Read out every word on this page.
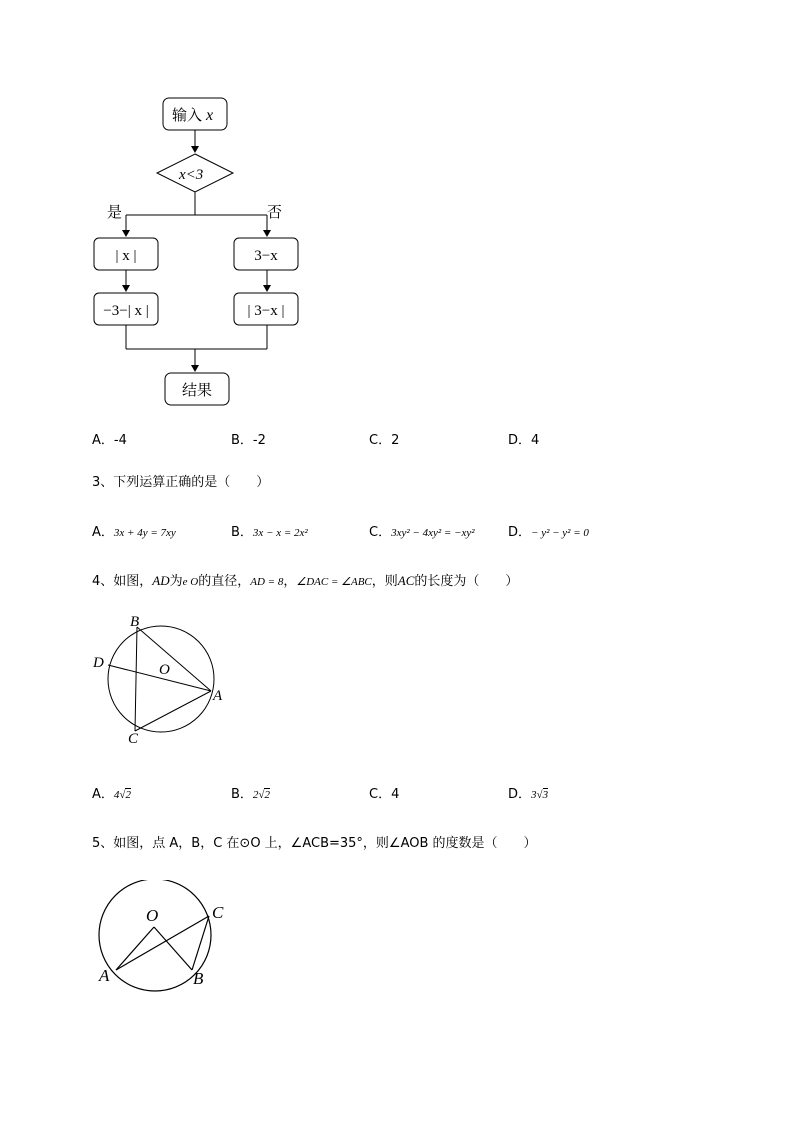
输入 x
x<3
是	否
| x |
−3−| x |
3−x
| 3−x |
结果
A．-4	B．-2	C．2	D．4
3、下列运算正确的是（　　）
A．3x + 4y = 7xy	B．3x − x = 2x²	C．3xy² − 4xy² = −xy²	D．− y² − y² = 0
4、如图，AD为e O的直径，AD = 8，∠DAC = ∠ABC，则AC的长度为（　　）
B
D	O
A
C
A．4√2	B．2√2	C．4	D．3√3
5、如图，点 A，B，C 在⊙O 上，∠ACB=35°，则∠AOB 的度数是（　　）
O	C
A	B
